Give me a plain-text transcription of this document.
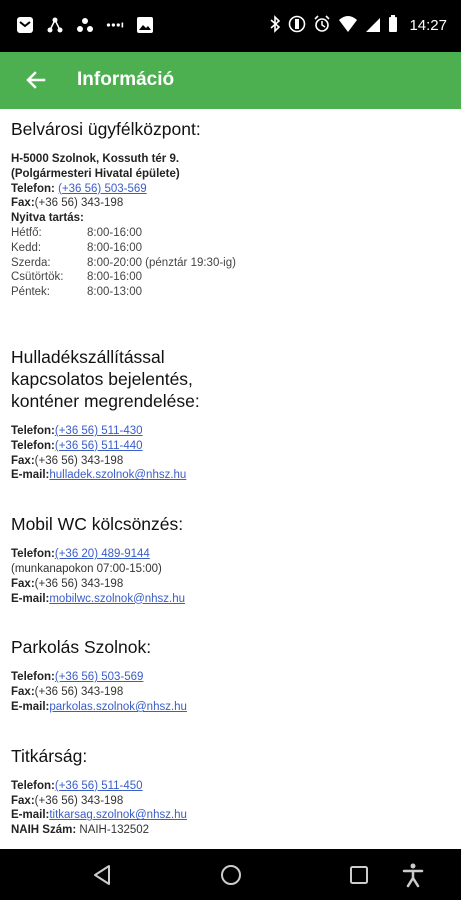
14:27
Információ
Belvárosi ügyfélközpont:
H-5000 Szolnok, Kossuth tér 9.
(Polgármesteri Hivatal épülete)
Telefon: (+36 56) 503-569
Fax:(+36 56) 343-198
Nyitva tartás:
Hétfő:	8:00-16:00
Kedd:	8:00-16:00
Szerda:	8:00-20:00 (pénztár 19:30-ig)
Csütörtök:	8:00-16:00
Péntek:	8:00-13:00
Hulladékszállítással
kapcsolatos bejelentés,
konténer megrendelése:
Telefon:(+36 56) 511-430
Telefon:(+36 56) 511-440
Fax:(+36 56) 343-198
E-mail:hulladek.szolnok@nhsz.hu
Mobil WC kölcsönzés:
Telefon:(+36 20) 489-9144
(munkanapokon 07:00-15:00)
Fax:(+36 56) 343-198
E-mail:mobilwc.szolnok@nhsz.hu
Parkolás Szolnok:
Telefon:(+36 56) 503-569
Fax:(+36 56) 343-198
E-mail:parkolas.szolnok@nhsz.hu
Titkárság:
Telefon:(+36 56) 511-450
Fax:(+36 56) 343-198
E-mail:titkarsag.szolnok@nhsz.hu
NAIH Szám: NAIH-132502
